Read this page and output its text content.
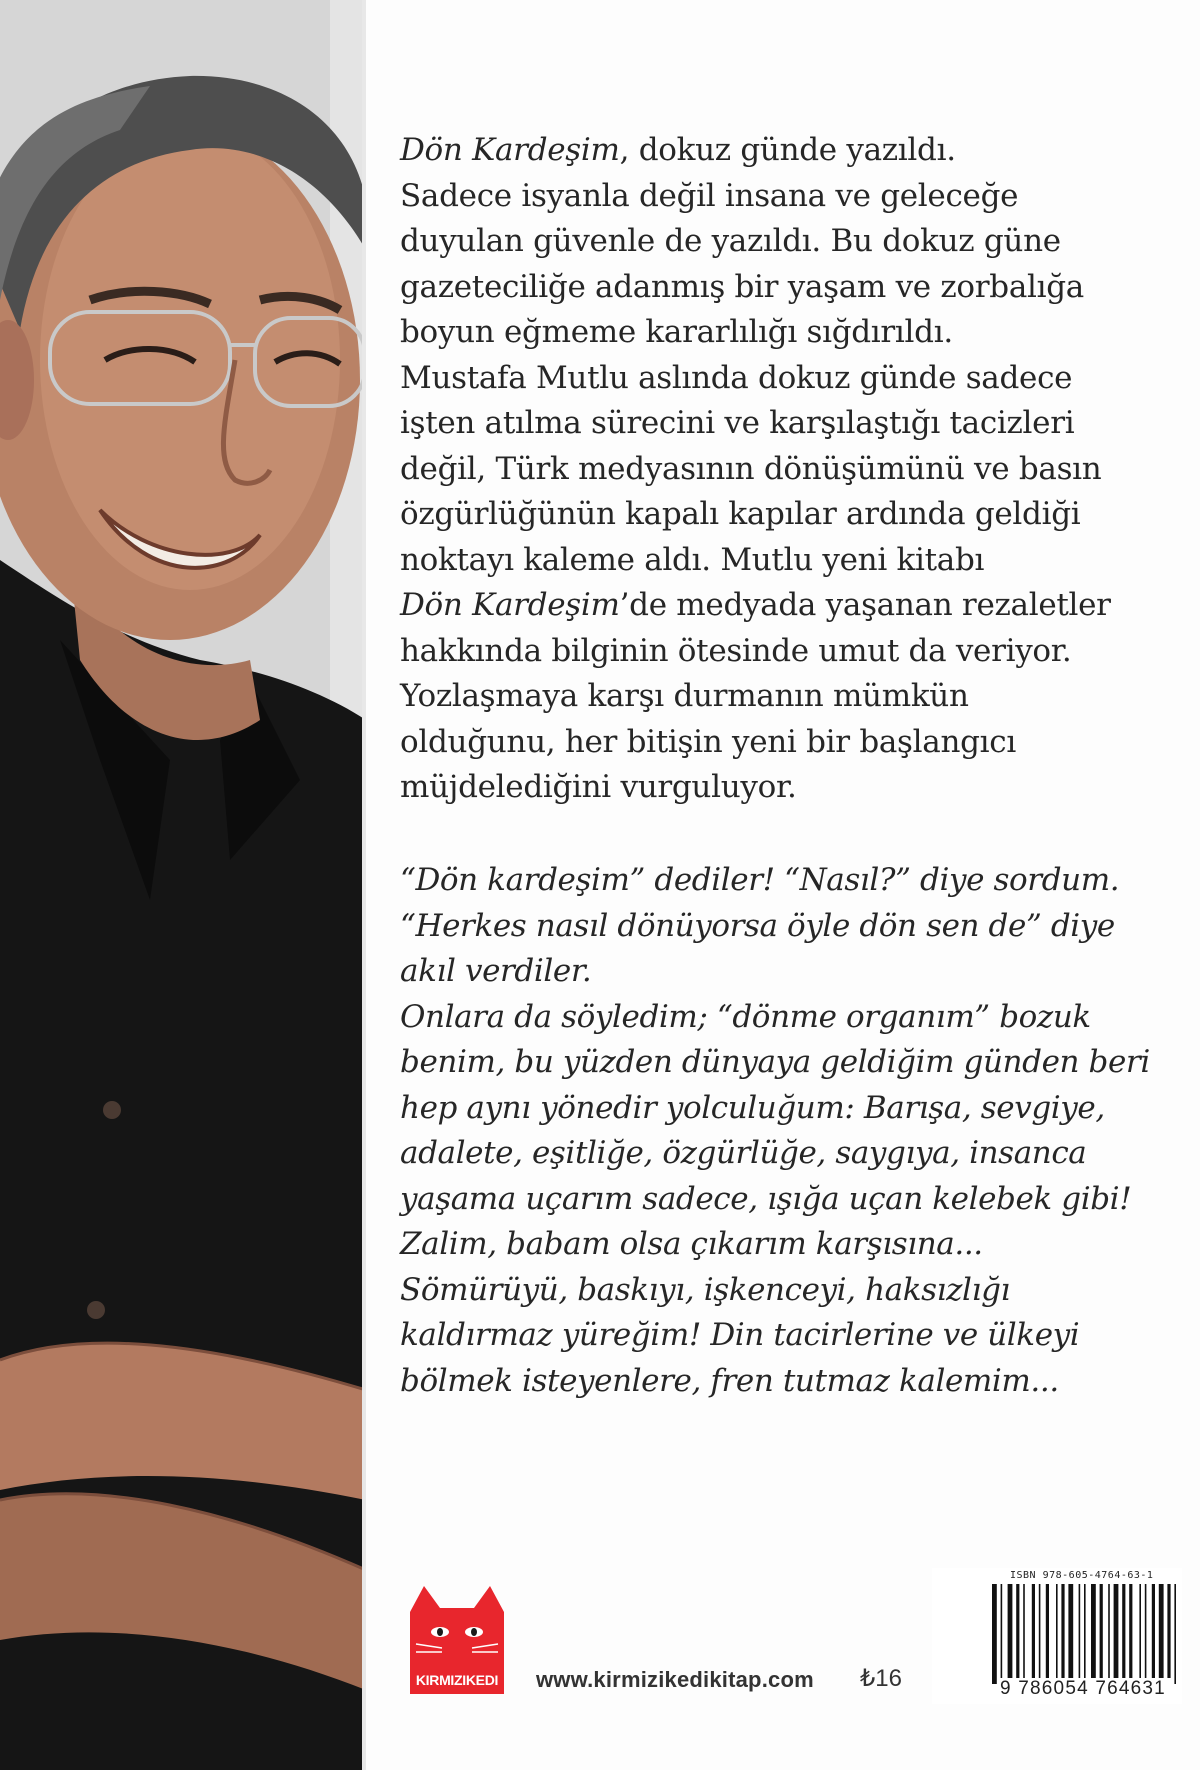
Dön Kardeşim, dokuz günde yazıldı.
Sadece isyanla değil insana ve geleceğe
duyulan güvenle de yazıldı. Bu dokuz güne
gazeteciliğe adanmış bir yaşam ve zorbalığa
boyun eğmeme kararlılığı sığdırıldı.
Mustafa Mutlu aslında dokuz günde sadece
işten atılma sürecini ve karşılaştığı tacizleri
değil, Türk medyasının dönüşümünü ve basın
özgürlüğünün kapalı kapılar ardında geldiği
noktayı kaleme aldı. Mutlu yeni kitabı
Dön Kardeşim’de medyada yaşanan rezaletler
hakkında bilginin ötesinde umut da veriyor.
Yozlaşmaya karşı durmanın mümkün
olduğunu, her bitişin yeni bir başlangıcı
müjdelediğini vurguluyor.

“Dön kardeşim” dediler! “Nasıl?” diye sordum.
“Herkes nasıl dönüyorsa öyle dön sen de” diye
akıl verdiler.
Onlara da söyledim; “dönme organım” bozuk
benim, bu yüzden dünyaya geldiğim günden beri
hep aynı yönedir yolculuğum: Barışa, sevgiye,
adalete, eşitliğe, özgürlüğe, saygıya, insanca
yaşama uçarım sadece, ışığa uçan kelebek gibi!
Zalim, babam olsa çıkarım karşısına...
Sömürüyü, baskıyı, işkenceyi, haksızlığı
kaldırmaz yüreğim! Din tacirlerine ve ülkeyi
bölmek isteyenlere, fren tutmaz kalemim...

KIRMIZIKEDI	www.kirmizikedikitap.com ₺16
ISBN 978-605-4764-63-1
9 786054 764631
